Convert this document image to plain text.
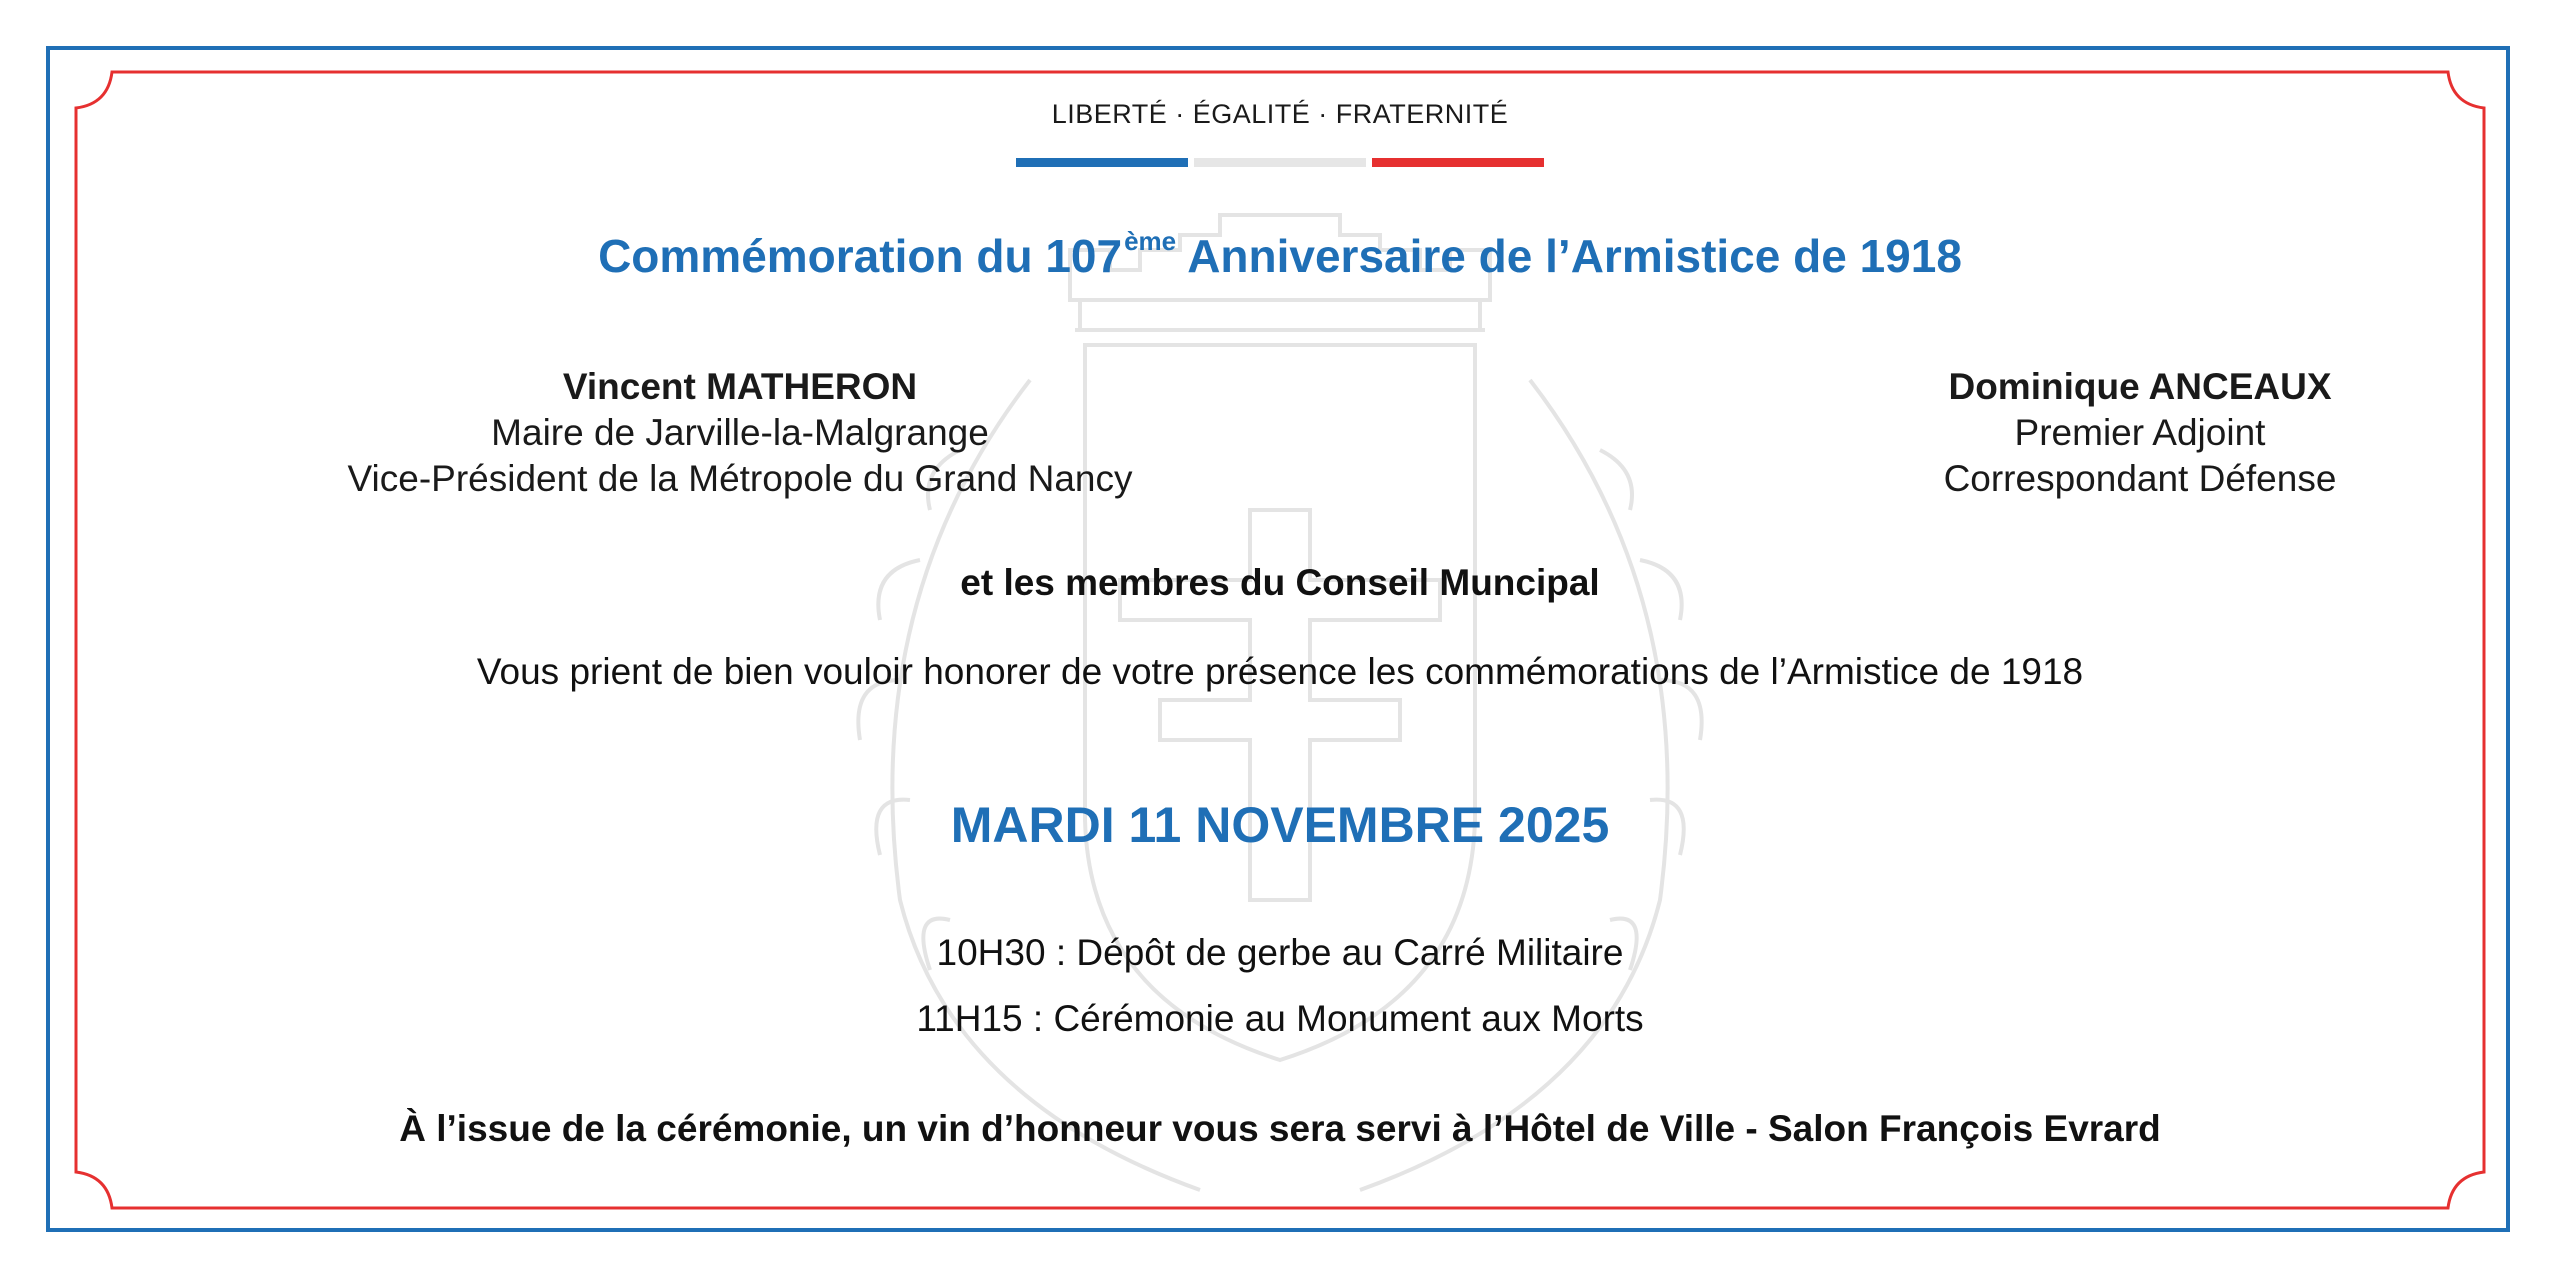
LIBERTÉ · ÉGALITÉ · FRATERNITÉ
Commémoration du 107ème Anniversaire de l’Armistice de 1918
Vincent MATHERON
Maire de Jarville-la-Malgrange
Vice-Président de la Métropole du Grand Nancy
Dominique ANCEAUX
Premier Adjoint
Correspondant Défense
et les membres du Conseil Muncipal
Vous prient de bien vouloir honorer de votre présence les commémorations de l’Armistice de 1918
MARDI 11 NOVEMBRE 2025
10H30 : Dépôt de gerbe au Carré Militaire
11H15 : Cérémonie au Monument aux Morts
À l’issue de la cérémonie, un vin d’honneur vous sera servi à l’Hôtel de Ville - Salon François Evrard
